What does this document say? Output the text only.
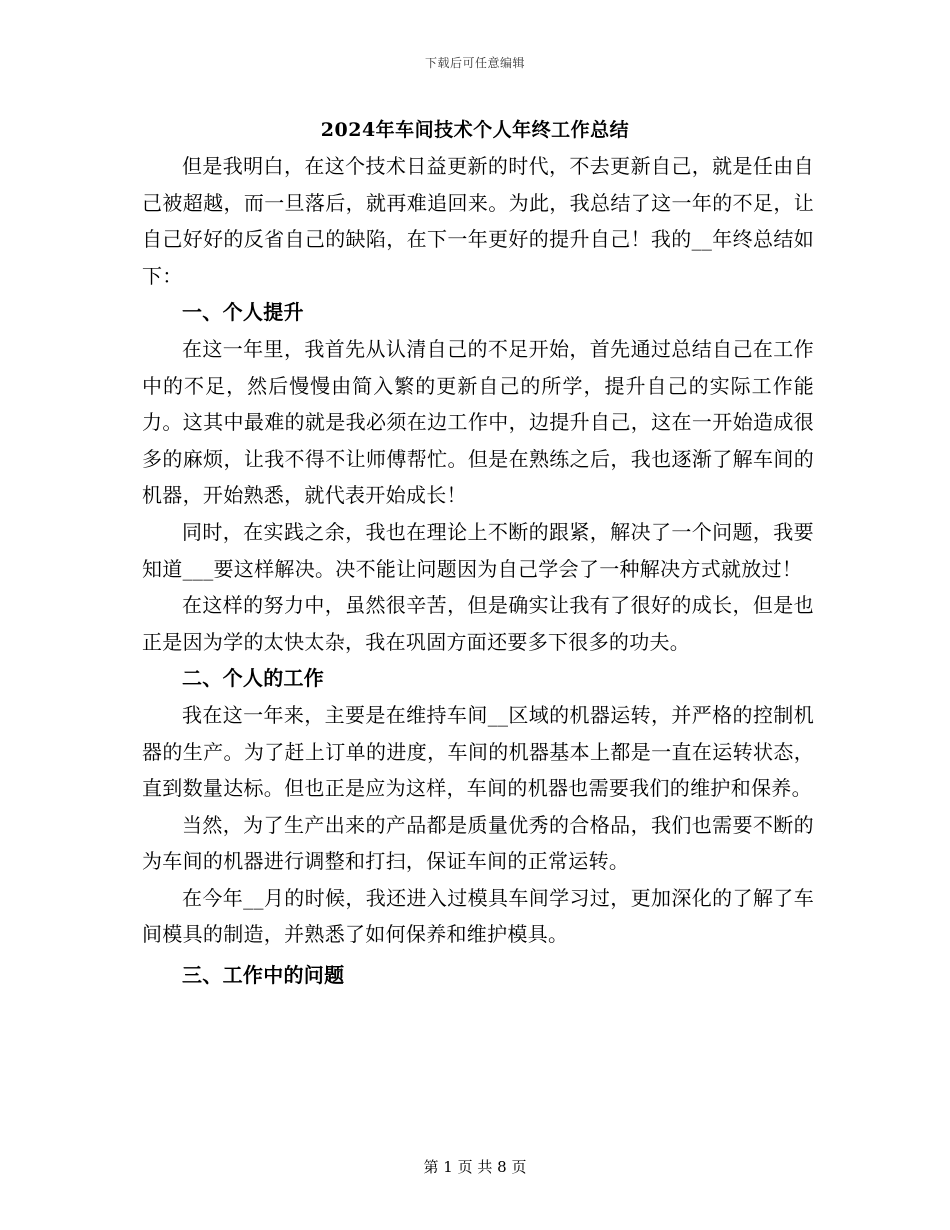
下载后可任意编辑
2024年车间技术个人年终工作总结

但是我明白，在这个技术日益更新的时代，不去更新自己，就是任由自己被超越，而一旦落后，就再难追回来。为此，我总结了这一年的不足，让自己好好的反省自己的缺陷，在下一年更好的提升自己！我的__年终总结如下：

一、个人提升

在这一年里，我首先从认清自己的不足开始，首先通过总结自己在工作中的不足，然后慢慢由简入繁的更新自己的所学，提升自己的实际工作能力。这其中最难的就是我必须在边工作中，边提升自己，这在一开始造成很多的麻烦，让我不得不让师傅帮忙。但是在熟练之后，我也逐渐了解车间的机器，开始熟悉，就代表开始成长！

同时，在实践之余，我也在理论上不断的跟紧，解决了一个问题，我要知道___要这样解决。决不能让问题因为自己学会了一种解决方式就放过！

在这样的努力中，虽然很辛苦，但是确实让我有了很好的成长，但是也正是因为学的太快太杂，我在巩固方面还要多下很多的功夫。

二、个人的工作

我在这一年来，主要是在维持车间__区域的机器运转，并严格的控制机器的生产。为了赶上订单的进度，车间的机器基本上都是一直在运转状态，直到数量达标。但也正是应为这样，车间的机器也需要我们的维护和保养。

当然，为了生产出来的产品都是质量优秀的合格品，我们也需要不断的为车间的机器进行调整和打扫，保证车间的正常运转。

在今年__月的时候，我还进入过模具车间学习过，更加深化的了解了车间模具的制造，并熟悉了如何保养和维护模具。

三、工作中的问题
第 1 页 共 8 页
